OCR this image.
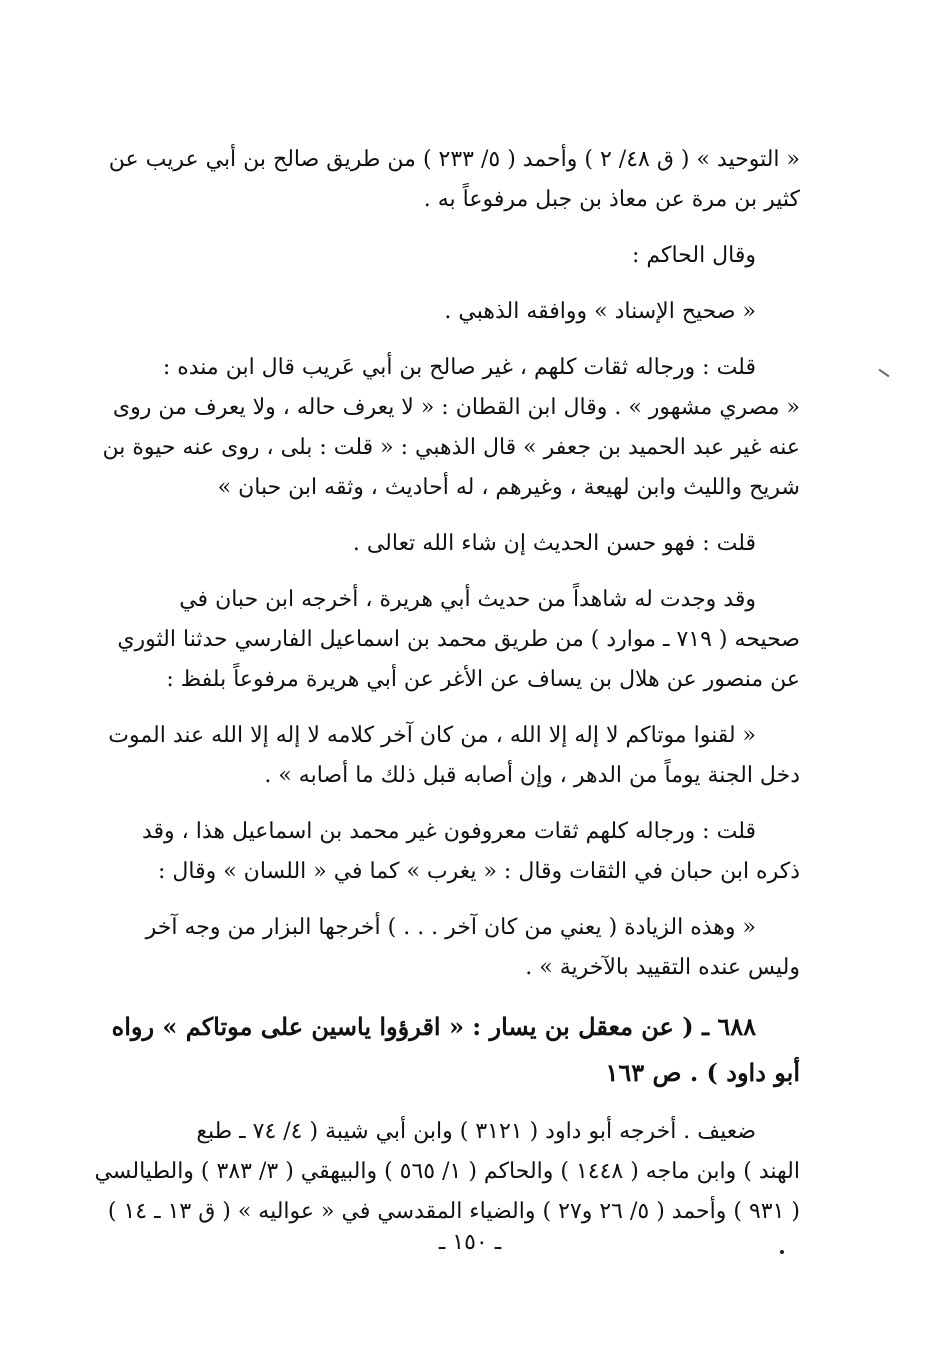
« التوحيد » ( ق ٤٨/ ٢ ) وأحمد ( ٥/ ٢٣٣ ) من طريق صالح بن أبي عريب عن
كثير بن مرة عن معاذ بن جبل مرفوعاً به .

وقال الحاكم :

« صحيح الإسناد » ووافقه الذهبي .

قلت : ورجاله ثقات كلهم ، غير صالح بن أبي عَريب قال ابن منده :
« مصري مشهور » . وقال ابن القطان : « لا يعرف حاله ، ولا يعرف من روى
عنه غير عبد الحميد بن جعفر » قال الذهبي : « قلت : بلى ، روى عنه حيوة بن
شريح والليث وابن لهيعة ، وغيرهم ، له أحاديث ، وثقه ابن حبان »

قلت : فهو حسن الحديث إن شاء الله تعالى .

وقد وجدت له شاهداً من حديث أبي هريرة ، أخرجه ابن حبان في
صحيحه ( ٧١٩ ـ موارد ) من طريق محمد بن اسماعيل الفارسي حدثنا الثوري
عن منصور عن هلال بن يساف عن الأغر عن أبي هريرة مرفوعاً بلفظ :

« لقنوا موتاكم لا إله إلا الله ، من كان آخر كلامه لا إله إلا الله عند الموت
دخل الجنة يوماً من الدهر ، وإن أصابه قبل ذلك ما أصابه » .

قلت : ورجاله كلهم ثقات معروفون غير محمد بن اسماعيل هذا ، وقد
ذكره ابن حبان في الثقات وقال : « يغرب » كما في « اللسان » وقال :

« وهذه الزيادة ( يعني من كان آخر . . . ) أخرجها البزار من وجه آخر
وليس عنده التقييد بالآخرية » .

٦٨٨ ـ ( عن معقل بن يسار : « اقرؤوا ياسين على موتاكم » رواه
أبو داود ) . ص ١٦٣

ضعيف . أخرجه أبو داود ( ٣١٢١ ) وابن أبي شيبة ( ٤/ ٧٤ ـ طبع
الهند ) وابن ماجه ( ١٤٤٨ ) والحاكم ( ١/ ٥٦٥ ) والبيهقي ( ٣/ ٣٨٣ ) والطيالسي
( ٩٣١ ) وأحمد ( ٥/ ٢٦ و٢٧ ) والضياء المقدسي في « عواليه » ( ق ١٣ ـ ١٤ )

ـ ١٥٠ ـ
